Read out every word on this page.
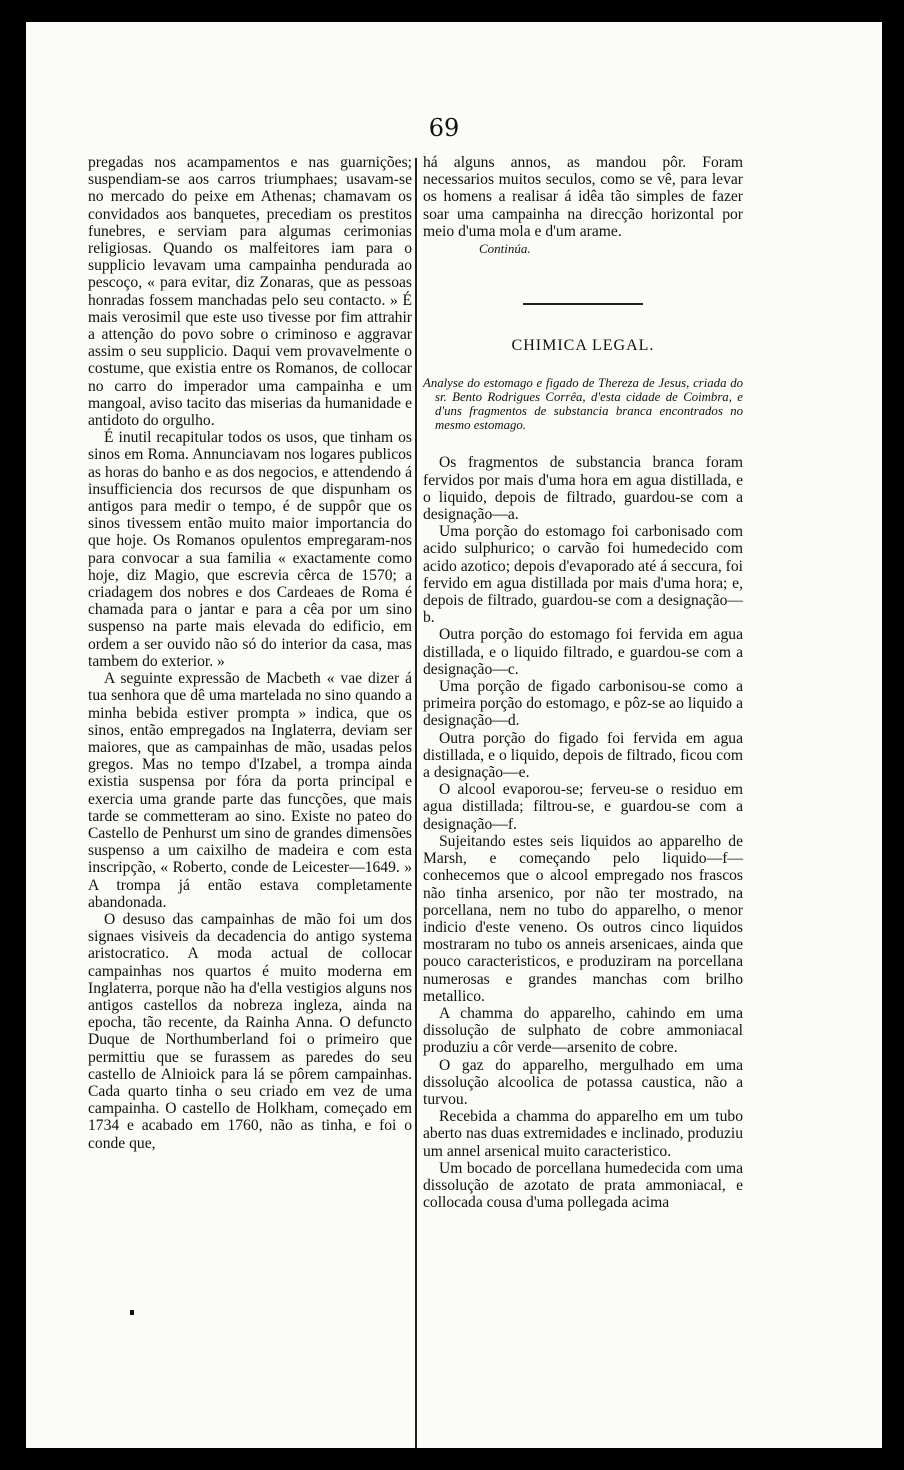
69

pregadas nos acampamentos e nas guarnições; suspendiam-se aos carros triumphaes; usavam-se no mercado do peixe em Athenas; chamavam os convidados aos banquetes, precediam os prestitos funebres, e serviam para algumas cerimonias religiosas. Quando os malfeitores iam para o supplicio levavam uma campainha pendurada ao pescoço, « para evitar, diz Zonaras, que as pessoas honradas fossem manchadas pelo seu contacto. » É mais verosimil que este uso tivesse por fim attrahir a attenção do povo sobre o criminoso e aggravar assim o seu supplicio. Daqui vem provavelmente o costume, que existia entre os Romanos, de collocar no carro do imperador uma campainha e um mangoal, aviso tacito das miserias da humanidade e antidoto do orgulho.

É inutil recapitular todos os usos, que tinham os sinos em Roma. Annunciavam nos logares publicos as horas do banho e as dos negocios, e attendendo á insufficiencia dos recursos de que dispunham os antigos para medir o tempo, é de suppôr que os sinos tivessem então muito maior importancia do que hoje. Os Romanos opulentos empregaram-nos para convocar a sua familia « exactamente como hoje, diz Magio, que escrevia cêrca de 1570; a criadagem dos nobres e dos Cardeaes de Roma é chamada para o jantar e para a cêa por um sino suspenso na parte mais elevada do edificio, em ordem a ser ouvido não só do interior da casa, mas tambem do exterior. »

A seguinte expressão de Macbeth « vae dizer á tua senhora que dê uma martelada no sino quando a minha bebida estiver prompta » indica, que os sinos, então empregados na Inglaterra, deviam ser maiores, que as campainhas de mão, usadas pelos gregos. Mas no tempo d'Izabel, a trompa ainda existia suspensa por fóra da porta principal e exercia uma grande parte das funcções, que mais tarde se commetteram ao sino. Existe no pateo do Castello de Penhurst um sino de grandes dimensões suspenso a um caixilho de madeira e com esta inscripção, « Roberto, conde de Leicester—1649. » A trompa já então estava completamente abandonada.

O desuso das campainhas de mão foi um dos signaes visiveis da decadencia do antigo systema aristocratico. A moda actual de collocar campainhas nos quartos é muito moderna em Inglaterra, porque não ha d'ella vestigios alguns nos antigos castellos da nobreza ingleza, ainda na epocha, tão recente, da Rainha Anna. O defuncto Duque de Northumberland foi o primeiro que permittiu que se furassem as paredes do seu castello de Alnioick para lá se pôrem campainhas. Cada quarto tinha o seu criado em vez de uma campainha. O castello de Holkham, começado em 1734 e acabado em 1760, não as tinha, e foi o conde que,

há alguns annos, as mandou pôr. Foram necessarios muitos seculos, como se vê, para levar os homens a realisar á idêa tão simples de fazer soar uma campainha na direcção horizontal por meio d'uma mola e d'um arame.

Continúa.
CHIMICA LEGAL.
Analyse do estomago e figado de Thereza de Jesus, criada do sr. Bento Rodrigues Corrêa, d'esta cidade de Coimbra, e d'uns fragmentos de substancia branca encontrados no mesmo estomago.

Os fragmentos de substancia branca foram fervidos por mais d'uma hora em agua distillada, e o liquido, depois de filtrado, guardou-se com a designação—a.

Uma porção do estomago foi carbonisado com acido sulphurico; o carvão foi humedecido com acido azotico; depois d'evaporado até á seccura, foi fervido em agua distillada por mais d'uma hora; e, depois de filtrado, guardou-se com a designação—b.

Outra porção do estomago foi fervida em agua distillada, e o liquido filtrado, e guardou-se com a designação—c.

Uma porção de figado carbonisou-se como a primeira porção do estomago, e pôz-se ao liquido a designação—d.

Outra porção do figado foi fervida em agua distillada, e o liquido, depois de filtrado, ficou com a designação—e.

O alcool evaporou-se; ferveu-se o residuo em agua distillada; filtrou-se, e guardou-se com a designação—f.

Sujeitando estes seis liquidos ao apparelho de Marsh, e começando pelo liquido—f—conhecemos que o alcool empregado nos frascos não tinha arsenico, por não ter mostrado, na porcellana, nem no tubo do apparelho, o menor indicio d'este veneno. Os outros cinco liquidos mostraram no tubo os anneis arsenicaes, ainda que pouco caracteristicos, e produziram na porcellana numerosas e grandes manchas com brilho metallico.

A chamma do apparelho, cahindo em uma dissolução de sulphato de cobre ammoniacal produziu a côr verde—arsenito de cobre.

O gaz do apparelho, mergulhado em uma dissolução alcoolica de potassa caustica, não a turvou.

Recebida a chamma do apparelho em um tubo aberto nas duas extremidades e inclinado, produziu um annel arsenical muito caracteristico.

Um bocado de porcellana humedecida com uma dissolução de azotato de prata ammoniacal, e collocada cousa d'uma pollegada acima
